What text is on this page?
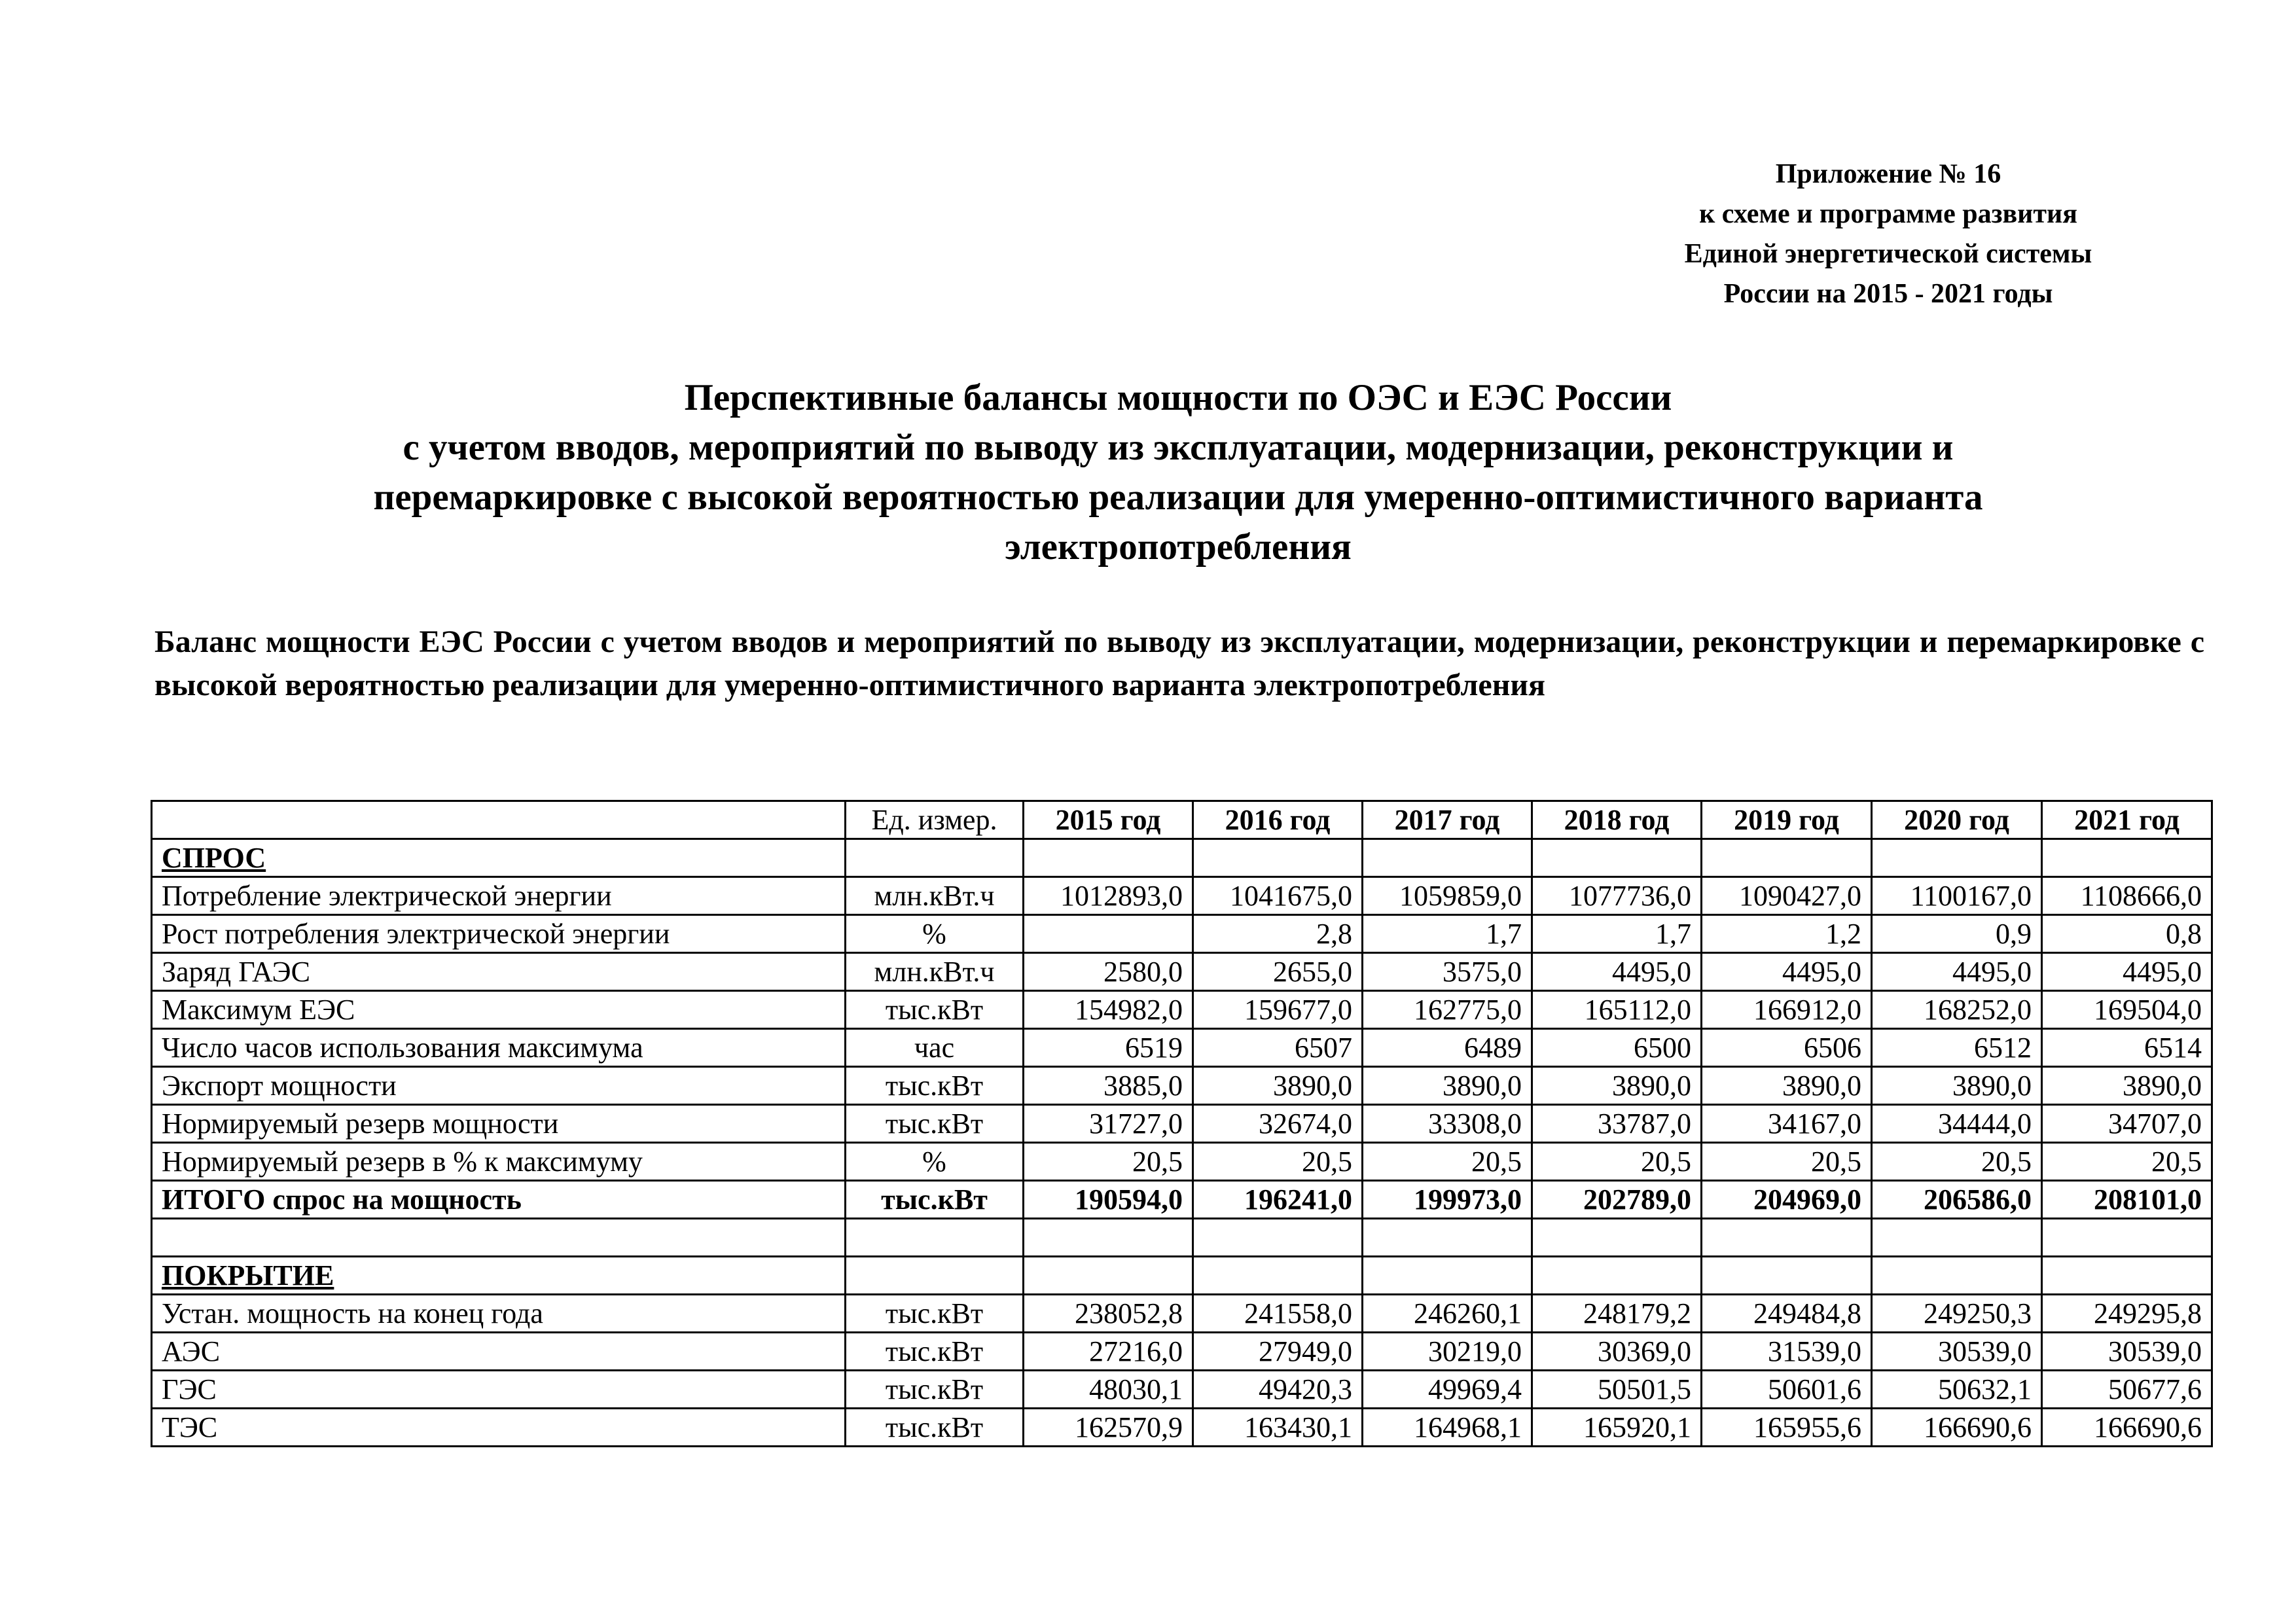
Приложение № 16
к схеме и программе развития
Единой энергетической системы
России на 2015 - 2021 годы
Перспективные балансы мощности по ОЭС и ЕЭС России
с учетом вводов, мероприятий по выводу из эксплуатации, модернизации, реконструкции и
перемаркировке с высокой вероятностью реализации для умеренно-оптимистичного варианта
электропотребления
Баланс мощности ЕЭС России с учетом вводов и мероприятий по выводу из эксплуатации, модернизации, реконструкции и перемаркировке с высокой вероятностью реализации для умеренно-оптимистичного варианта электропотребления
	Ед. измер.	2015 год	2016 год	2017 год	2018 год	2019 год	2020 год	2021 год
СПРОС								
Потребление электрической энергии	млн.кВт.ч	1012893,0	1041675,0	1059859,0	1077736,0	1090427,0	1100167,0	1108666,0
Рост потребления электрической энергии	%		2,8	1,7	1,7	1,2	0,9	0,8
Заряд ГАЭС	млн.кВт.ч	2580,0	2655,0	3575,0	4495,0	4495,0	4495,0	4495,0
Максимум ЕЭС	тыс.кВт	154982,0	159677,0	162775,0	165112,0	166912,0	168252,0	169504,0
Число часов использования максимума	час	6519	6507	6489	6500	6506	6512	6514
Экспорт мощности	тыс.кВт	3885,0	3890,0	3890,0	3890,0	3890,0	3890,0	3890,0
Нормируемый резерв мощности	тыс.кВт	31727,0	32674,0	33308,0	33787,0	34167,0	34444,0	34707,0
Нормируемый резерв в % к максимуму	%	20,5	20,5	20,5	20,5	20,5	20,5	20,5
ИТОГО спрос на мощность	тыс.кВт	190594,0	196241,0	199973,0	202789,0	204969,0	206586,0	208101,0

ПОКРЫТИЕ								
Устан. мощность на конец года	тыс.кВт	238052,8	241558,0	246260,1	248179,2	249484,8	249250,3	249295,8
АЭС	тыс.кВт	27216,0	27949,0	30219,0	30369,0	31539,0	30539,0	30539,0
ГЭС	тыс.кВт	48030,1	49420,3	49969,4	50501,5	50601,6	50632,1	50677,6
ТЭС	тыс.кВт	162570,9	163430,1	164968,1	165920,1	165955,6	166690,6	166690,6
